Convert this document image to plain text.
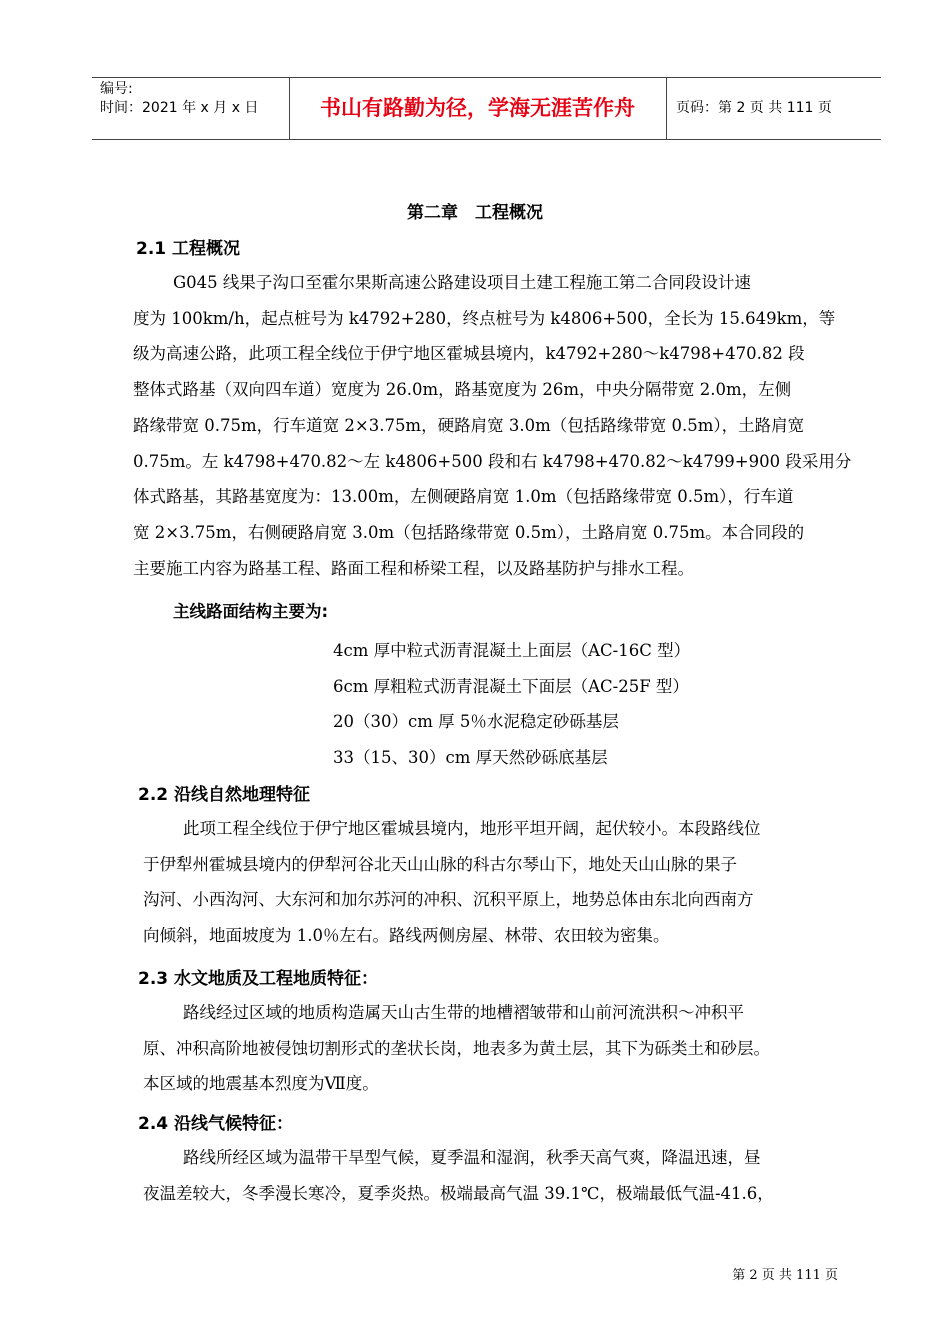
编号:
时间：2021 年 x 月 x 日	书山有路勤为径，学海无涯苦作舟	页码：第 2 页 共 111 页
第二章　工程概况
2.1 工程概况
G045 线果子沟口至霍尔果斯高速公路建设项目土建工程施工第二合同段设计速
度为 100km/h，起点桩号为 k4792+280，终点桩号为 k4806+500，全长为 15.649km，等
级为高速公路，此项工程全线位于伊宁地区霍城县境内，k4792+280～k4798+470.82 段
整体式路基（双向四车道）宽度为 26.0m，路基宽度为 26m，中央分隔带宽 2.0m，左侧
路缘带宽 0.75m，行车道宽 2×3.75m，硬路肩宽 3.0m（包括路缘带宽 0.5m），土路肩宽
0.75m。左 k4798+470.82～左 k4806+500 段和右 k4798+470.82～k4799+900 段采用分
体式路基，其路基宽度为：13.00m，左侧硬路肩宽 1.0m（包括路缘带宽 0.5m），行车道
宽 2×3.75m，右侧硬路肩宽 3.0m（包括路缘带宽 0.5m），土路肩宽 0.75m。本合同段的
主要施工内容为路基工程、路面工程和桥梁工程，以及路基防护与排水工程。
主线路面结构主要为:
4cm 厚中粒式沥青混凝土上面层（AC-16C 型）
6cm 厚粗粒式沥青混凝土下面层（AC-25F 型）
20（30）cm 厚 5％水泥稳定砂砾基层
33（15、30）cm 厚天然砂砾底基层
2.2 沿线自然地理特征
此项工程全线位于伊宁地区霍城县境内，地形平坦开阔，起伏较小。本段路线位
于伊犁州霍城县境内的伊犁河谷北天山山脉的科古尔琴山下，地处天山山脉的果子
沟河、小西沟河、大东河和加尔苏河的冲积、沉积平原上，地势总体由东北向西南方
向倾斜，地面坡度为 1.0％左右。路线两侧房屋、林带、农田较为密集。
2.3 水文地质及工程地质特征：
路线经过区域的地质构造属天山古生带的地槽褶皱带和山前河流洪积～冲积平
原、冲积高阶地被侵蚀切割形式的垄状长岗，地表多为黄土层，其下为砾类土和砂层。
本区域的地震基本烈度为Ⅶ度。
2.4 沿线气候特征：
路线所经区域为温带干旱型气候，夏季温和湿润，秋季天高气爽，降温迅速，昼
夜温差较大，冬季漫长寒冷，夏季炎热。极端最高气温 39.1℃，极端最低气温-41.6，
第 2 页 共 111 页
